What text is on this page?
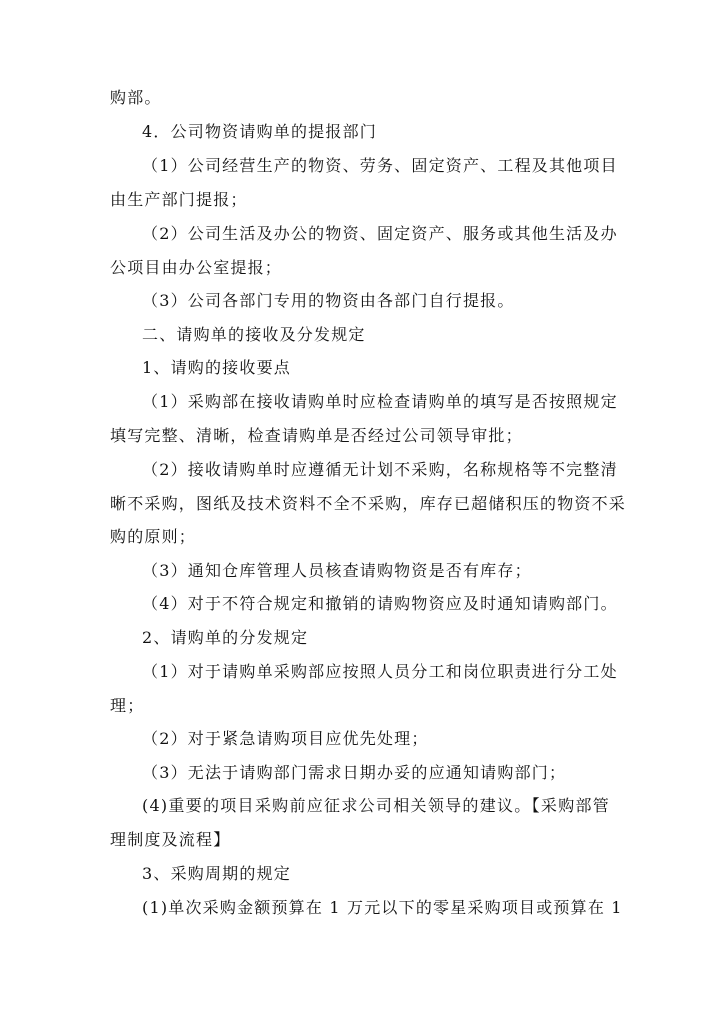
购部。
4．公司物资请购单的提报部门
（1）公司经营生产的物资、劳务、固定资产、工程及其他项目
由生产部门提报；
（2）公司生活及办公的物资、固定资产、服务或其他生活及办
公项目由办公室提报；
（3）公司各部门专用的物资由各部门自行提报。
二、请购单的接收及分发规定
1、请购的接收要点
（1）采购部在接收请购单时应检查请购单的填写是否按照规定
填写完整、清晰，检查请购单是否经过公司领导审批；
（2）接收请购单时应遵循无计划不采购，名称规格等不完整清
晰不采购，图纸及技术资料不全不采购，库存已超储积压的物资不采
购的原则；
（3）通知仓库管理人员核查请购物资是否有库存；
（4）对于不符合规定和撤销的请购物资应及时通知请购部门。
2、请购单的分发规定
（1）对于请购单采购部应按照人员分工和岗位职责进行分工处
理；
（2）对于紧急请购项目应优先处理；
（3）无法于请购部门需求日期办妥的应通知请购部门；
(4)重要的项目采购前应征求公司相关领导的建议。【采购部管
理制度及流程】
3、采购周期的规定
(1)单次采购金额预算在 1 万元以下的零星采购项目或预算在 1
